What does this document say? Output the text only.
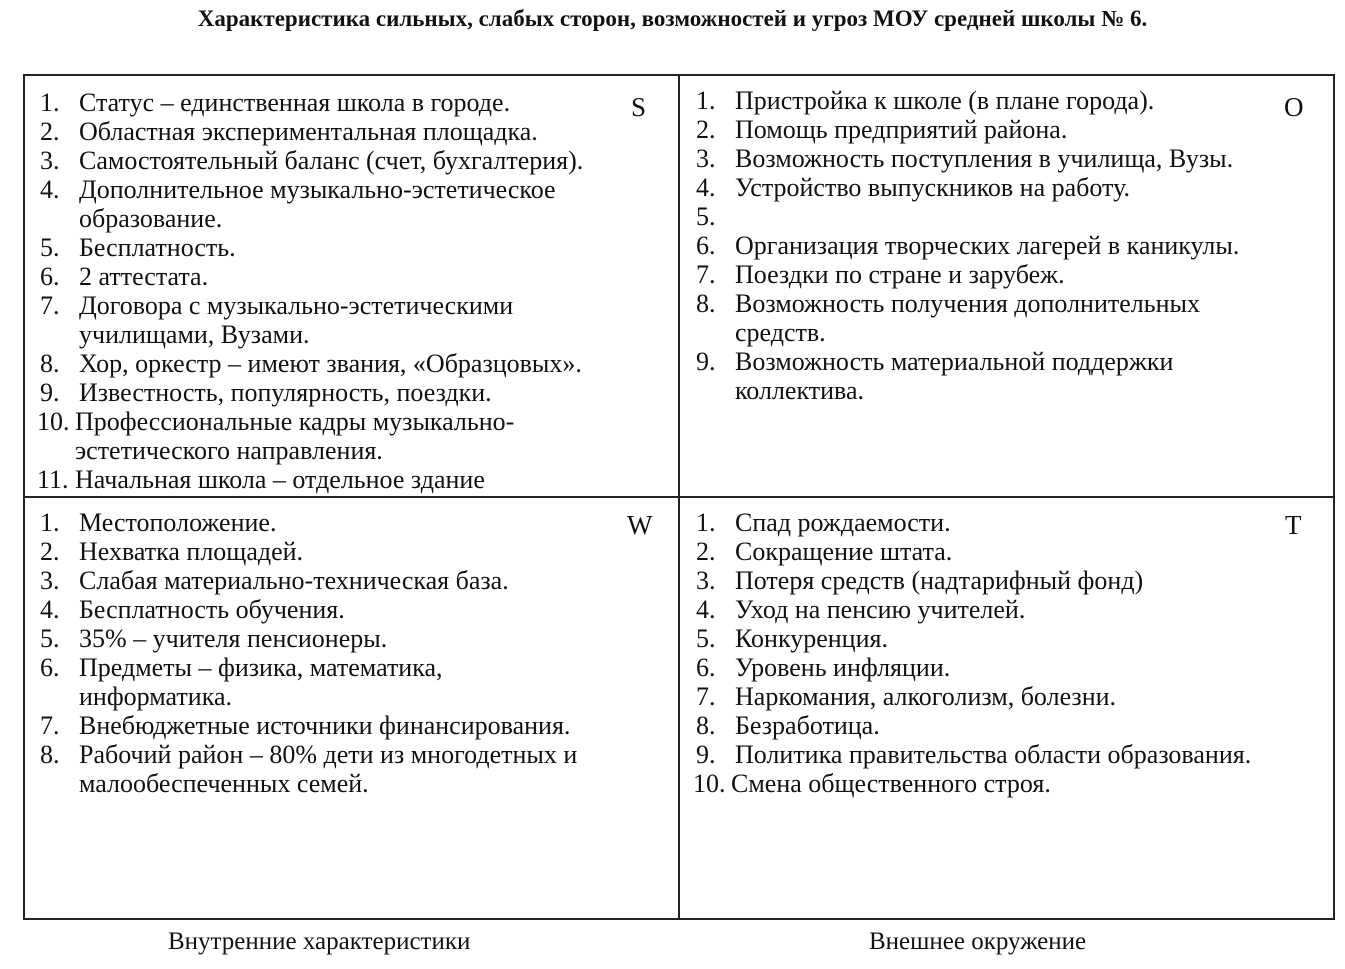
Характеристика сильных, слабых сторон, возможностей и угроз МОУ средней школы № 6.
S
1. Статус – единственная школа в городе.
2. Областная экспериментальная площадка.
3. Самостоятельный баланс (счет, бухгалтерия).
4. Дополнительное музыкально-эстетическое
образование.
5. Бесплатность.
6. 2 аттестата.
7. Договора с музыкально-эстетическими
училищами, Вузами.
8. Хор, оркестр – имеют звания, «Образцовых».
9. Известность, популярность, поездки.
10. Профессиональные кадры музыкально-
эстетического направления.
11. Начальная школа – отдельное здание
O
1. Пристройка к школе (в плане города).
2. Помощь предприятий района.
3. Возможность поступления в училища, Вузы.
4. Устройство выпускников на работу.
5.

6. Организация творческих лагерей в каникулы.
7. Поездки по стране и зарубеж.
8. Возможность получения дополнительных
средств.
9. Возможность материальной поддержки
коллектива.
W
1. Местоположение.
2. Нехватка площадей.
3. Слабая материально-техническая база.
4. Бесплатность обучения.
5. 35% – учителя пенсионеры.
6. Предметы – физика, математика,
информатика.
7. Внебюджетные источники финансирования.
8. Рабочий район – 80% дети из многодетных и
малообеспеченных семей.
T
1. Спад рождаемости.
2. Сокращение штата.
3. Потеря средств (надтарифный фонд)
4. Уход на пенсию учителей.
5. Конкуренция.
6. Уровень инфляции.
7. Наркомания, алкоголизм, болезни.
8. Безработица.
9. Политика правительства области образования.
10. Смена общественного строя.
Внутренние характеристики	Внешнее окружение
